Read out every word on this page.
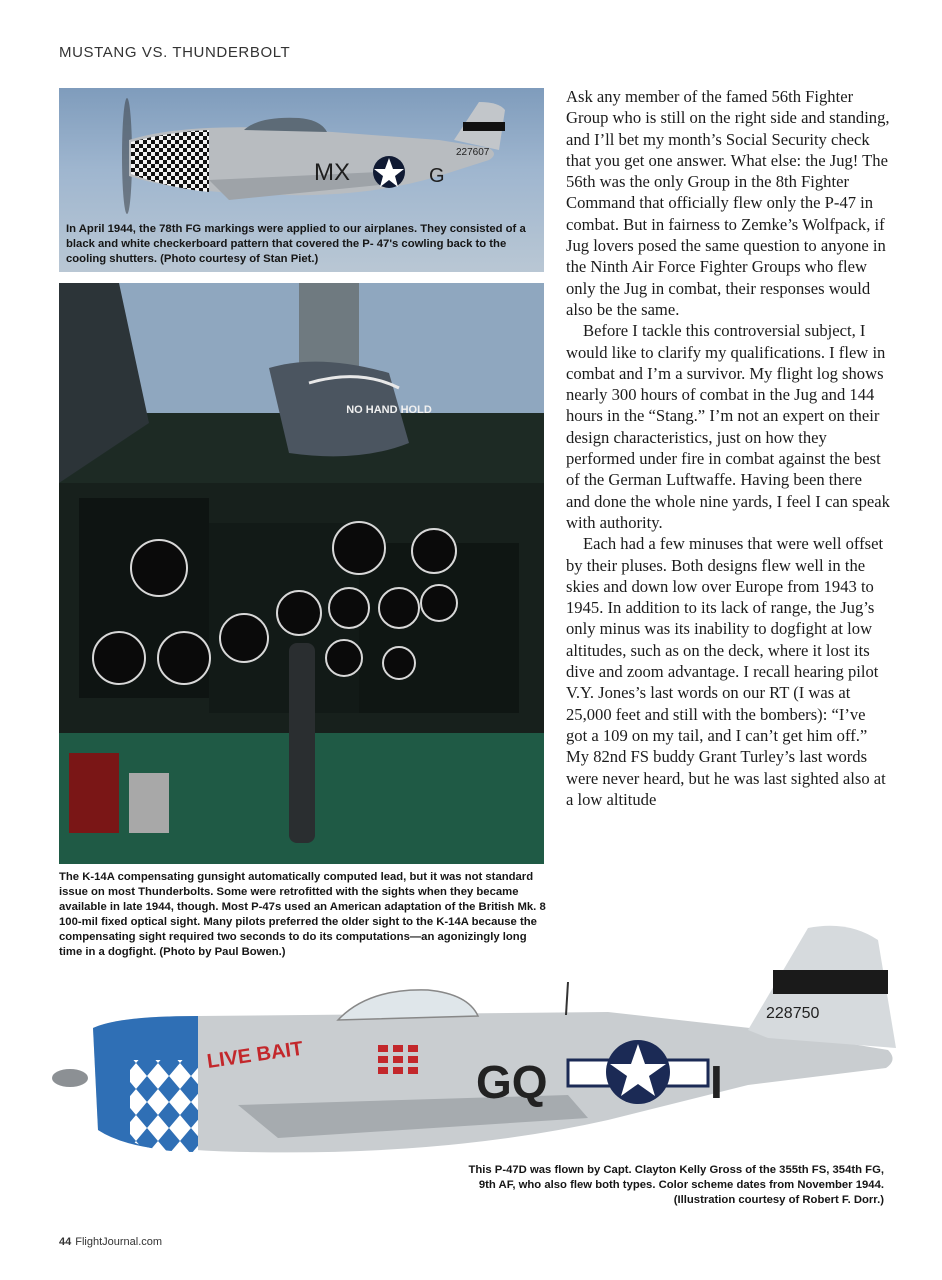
MUSTANG VS. THUNDERBOLT
227607
MX	G
In April 1944, the 78th FG markings were applied to our airplanes. They consisted of a black and white checkerboard pattern that covered the P- 47's cowling back to the cooling shutters. (Photo courtesy of Stan Piet.)
NO HAND HOLD
The K-14A compensating gunsight automatically computed lead, but it was not standard issue on most Thunderbolts. Some were retrofitted with the sights when they became available in late 1944, though. Most P-47s used an American adaptation of the British Mk. 8 100-mil fixed optical sight. Many pilots preferred the older sight to the K-14A because the compensating sight required two seconds to do its computations—an agonizingly long time in a dogfight. (Photo by Paul Bowen.)

Ask any member of the famed 56th Fighter Group who is still on the right side and standing, and I’ll bet my month’s Social Security check that you get one answer. What else: the Jug! The 56th was the only Group in the 8th Fighter Command that officially flew only the P-47 in combat. But in fairness to Zemke’s Wolfpack, if Jug lovers posed the same question to anyone in the Ninth Air Force Fighter Groups who flew only the Jug in combat, their responses would also be the same.

Before I tackle this controversial subject, I would like to clarify my qualifications. I flew in combat and I’m a survivor. My flight log shows nearly 300 hours of combat in the Jug and 144 hours in the “Stang.” I’m not an expert on their design characteristics, just on how they performed under fire in combat against the best of the German Luftwaffe. Having been there and done the whole nine yards, I feel I can speak with authority.

Each had a few minuses that were well offset by their pluses. Both designs flew well in the skies and down low over Europe from 1943 to 1945. In addition to its lack of range, the Jug’s only minus was its inability to dogfight at low altitudes, such as on the deck, where it lost its dive and zoom advantage. I recall hearing pilot V.Y. Jones’s last words on our RT (I was at 25,000 feet and still with the bombers): “I’ve got a 109 on my tail, and I can’t get him off.” My 82nd FS buddy Grant Turley’s last words were never heard, but he was last sighted also at a low altitude

228750
LIVE BAIT
GQ	I
This P-47D was flown by Capt. Clayton Kelly Gross of the 355th FS, 354th FG, 9th AF, who also flew both types. Color scheme dates from November 1944. (Illustration courtesy of Robert F. Dorr.)
44 FlightJournal.com
